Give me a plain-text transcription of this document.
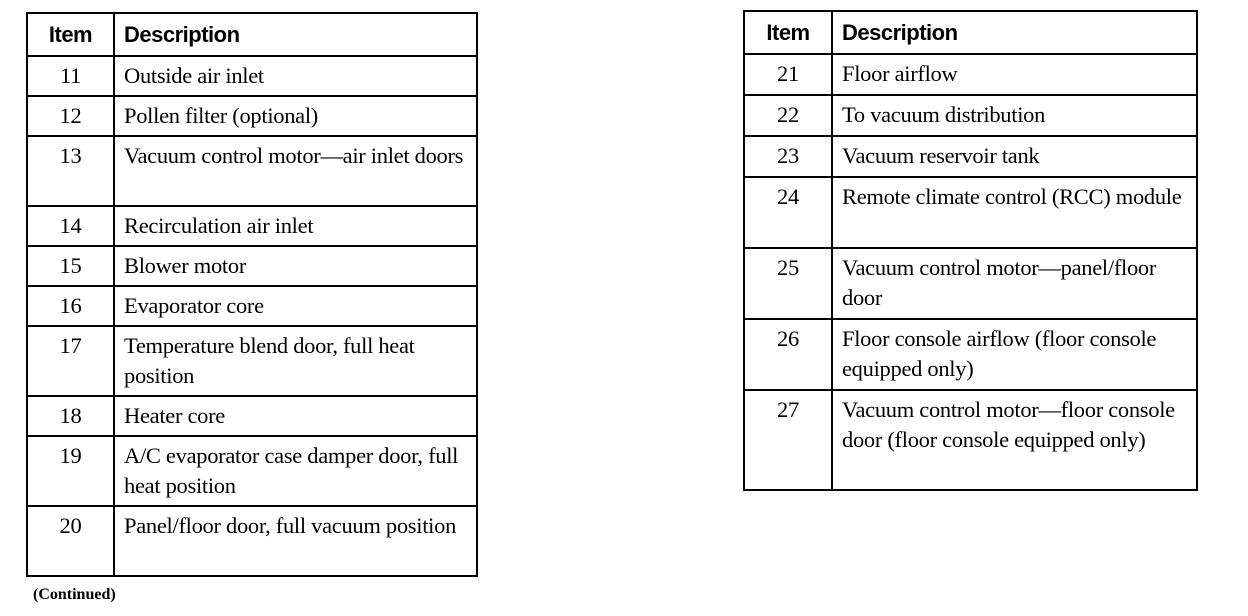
Item	Description
11	Outside air inlet
12	Pollen filter (optional)
13	Vacuum control motor—air inlet doors
14	Recirculation air inlet
15	Blower motor
16	Evaporator core
17	Temperature blend door, full heat position
18	Heater core
19	A/C evaporator case damper door, full heat position
20	Panel/floor door, full vacuum position
(Continued)
Item	Description
21	Floor airflow
22	To vacuum distribution
23	Vacuum reservoir tank
24	Remote climate control (RCC) module
25	Vacuum control motor—panel/floor door
26	Floor console airflow (floor console equipped only)
27	Vacuum control motor—floor console door (floor console equipped only)
